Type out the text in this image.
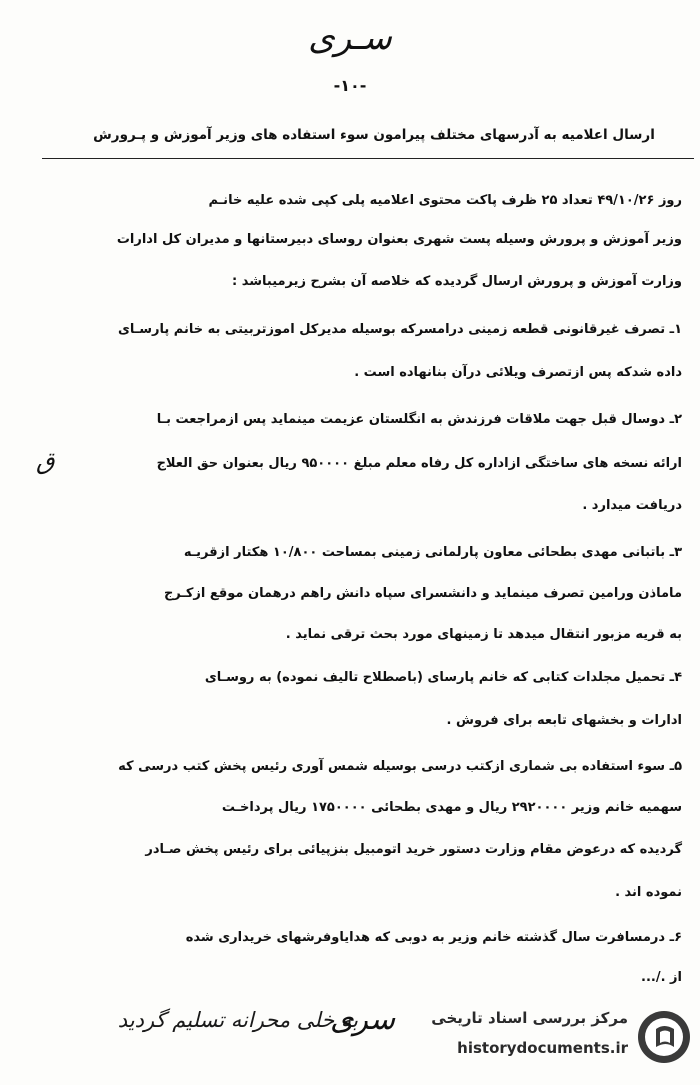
سـرى
-١٠-
ارسال اعلامیه به آدرسهای مختلف پیرامون سوء استفاده های وزیر آموزش و پـرورش
روز ۴۹/۱۰/۲۶ تعداد ۲۵ ظرف پاکت محتوی اعلامیه پلی کپی شده علیه خانـم
وزیر آموزش و پرورش وسیله پست شهری بعنوان روسای دبیرستانها و مدیران کل ادارات
وزارت آموزش و پرورش ارسال گردیده که خلاصه آن بشرح زیرمیباشد :
۱ـ تصرف غیرقانونی قطعه زمینی درامسرکه بوسیله مدیرکل اموزتربیتی به خانم پارسـای
داده شدکه پس ازتصرف ویلائی درآن بنانهاده است .
۲ـ دوسال قبل جهت ملاقات فرزندش به انگلستان عزیمت مینماید پس ازمراجعت بـا
ارائه نسخه های ساختگی ازاداره کل رفاه معلم مبلغ ۹۵۰۰۰۰ ریال بعنوان حق العلاج
دریافت میدارد .
۳ـ باتبانی مهدی بطحائی معاون پارلمانی زمینی بمساحت ۱۰/۸۰۰ هکتار ازقریـه
ماماذن ورامین تصرف مینماید و دانشسرای سپاه دانش راهم درهمان موقع ازکـرج
به قریه مزبور انتقال میدهد تا زمینهای مورد بحث ترقی نماید .
۴ـ تحمیل مجلدات کتابی که خانم پارسای (باصطلاح تالیف نموده) به روسـای
ادارات و بخشهای تابعه برای فروش .
۵ـ سوء استفاده بی شماری ازکتب درسی بوسیله شمس آوری رئیس پخش کتب درسی که
سهمیه خانم وزیر ۲۹۲۰۰۰۰ ریال و مهدی بطحائی ۱۷۵۰۰۰۰ ریال پرداخـت
گردیده که درعوض مقام وزارت دستور خرید اتومبیل بنزپیائی برای رئیس پخش صـادر
نموده اند .
۶ـ درمسافرت سال گذشته خانم وزیر به دوبی که هدایاوفرشهای خریداری شده
از ./...
ق
به خلی محرانه تسلیم گردید
سرى مرکز بررسی اسناد تاریخی
historydocuments.ir
